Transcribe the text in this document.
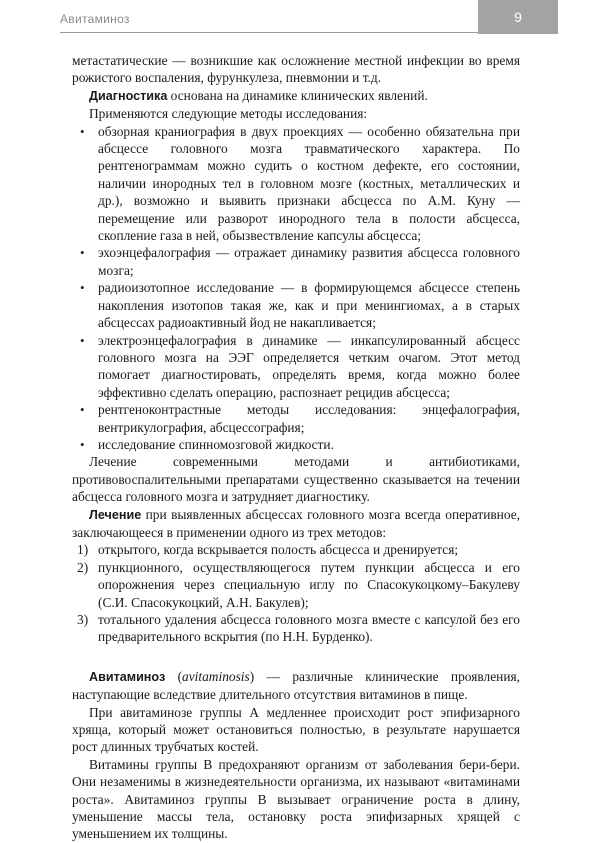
Авитаминоз	9

метастатические — возникшие как осложнение местной инфекции во время рожистого воспаления, фурункулеза, пневмонии и т.д.

Диагностика основана на динамике клинических явлений.

Применяются следующие методы исследования:

• обзорная краниография в двух проекциях — особенно обязательна при абсцессе головного мозга травматического характера. По рентгенограммам можно судить о костном дефекте, его состоянии, наличии инородных тел в головном мозге (костных, металлических и др.), возможно и выявить признаки абсцесса по А.М. Куну — перемещение или разворот инородного тела в полости абсцесса, скопление газа в ней, обызвествление капсулы абсцесса;
• эхоэнцефалография — отражает динамику развития абсцесса головного мозга;
• радиоизотопное исследование — в формирующемся абсцессе степень накопления изотопов такая же, как и при менингиомах, а в старых абсцессах радиоактивный йод не накапливается;
• электроэнцефалография в динамике — инкапсулированный абсцесс головного мозга на ЭЭГ определяется четким очагом. Этот метод помогает диагностировать, определять время, когда можно более эффективно сделать операцию, распознает рецидив абсцесса;
• рентгеноконтрастные методы исследования: энцефалография, вентрикулография, абсцессография;
• исследование спинномозговой жидкости.

Лечение современными методами и антибиотиками, противовоспалительными препаратами существенно сказывается на течении абсцесса головного мозга и затрудняет диагностику.

Лечение при выявленных абсцессах головного мозга всегда оперативное, заключающееся в применении одного из трех методов:

1) открытого, когда вскрывается полость абсцесса и дренируется;
2) пункционного, осуществляющегося путем пункции абсцесса и его опорожнения через специальную иглу по Спасокукоцкому–Бакулеву (С.И. Спасокукоцкий, А.Н. Бакулев);
3) тотального удаления абсцесса головного мозга вместе с капсулой без его предварительного вскрытия (по Н.Н. Бурденко).

Авитаминоз (avitaminosis) — различные клинические проявления, наступающие вследствие длительного отсутствия витаминов в пище.

При авитаминозе группы А медленнее происходит рост эпифизарного хряща, который может остановиться полностью, в результате нарушается рост длинных трубчатых костей.

Витамины группы В предохраняют организм от заболевания бери-бери. Они незаменимы в жизнедеятельности организма, их называют «витаминами роста». Авитаминоз группы В вызывает ограничение роста в длину, уменьшение массы тела, остановку роста эпифизарных хрящей с уменьшением их толщины.
